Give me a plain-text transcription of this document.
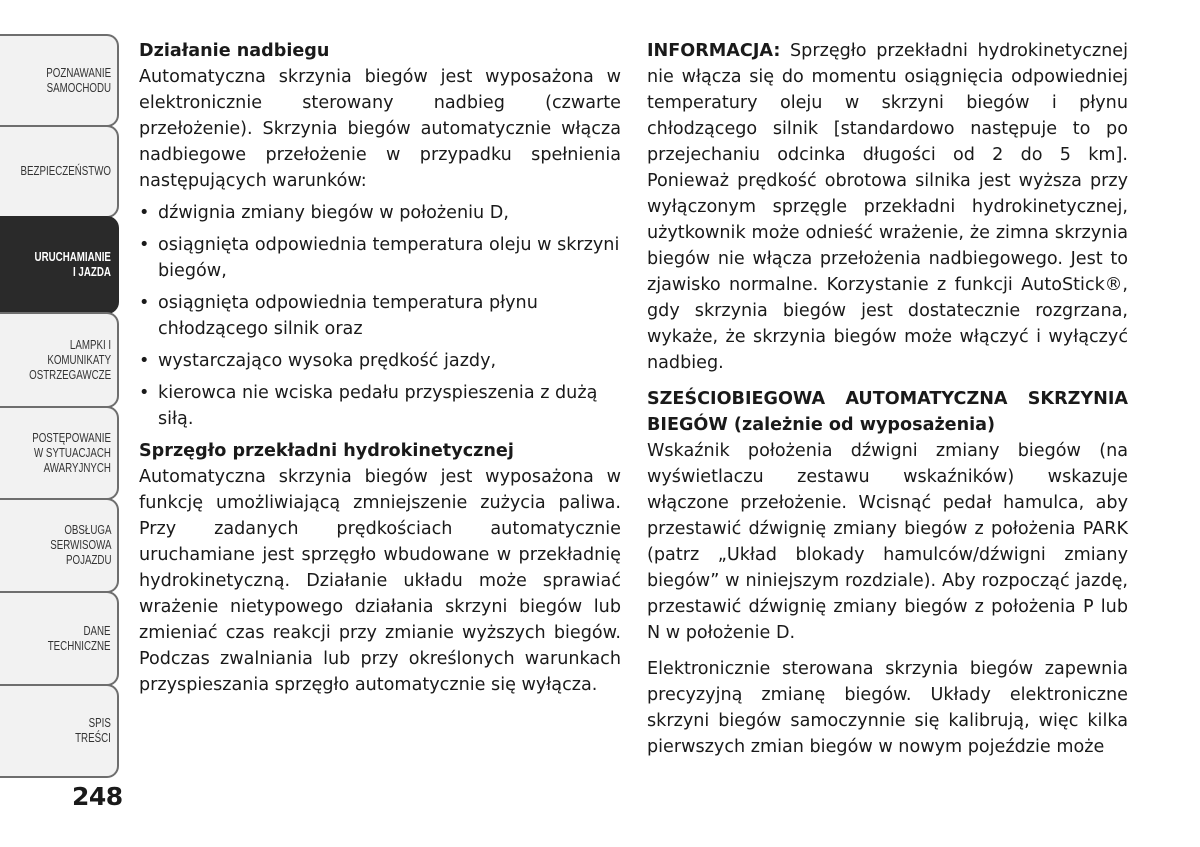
POZNAWANIE
SAMOCHODU
BEZPIECZEŃSTWO
URUCHAMIANIE
I JAZDA
LAMPKI I
KOMUNIKATY
OSTRZEGAWCZE
POSTĘPOWANIE
W SYTUACJACH
AWARYJNYCH
OBSŁUGA
SERWISOWA
POJAZDU
DANE
TECHNICZNE
SPIS
TREŚCI
248

Działanie nadbiegu

Automatyczna skrzynia biegów jest wyposażona w elektronicznie sterowany nadbieg (czwarte przełożenie). Skrzynia biegów automatycznie włącza nadbiegowe przełożenie w przypadku spełnienia następujących warunków:

• dźwignia zmiany biegów w położeniu D,
• osiągnięta odpowiednia temperatura oleju w skrzyni biegów,
• osiągnięta odpowiednia temperatura płynu chłodzącego silnik oraz
• wystarczająco wysoka prędkość jazdy,
• kierowca nie wciska pedału przyspieszenia z dużą siłą.

Sprzęgło przekładni hydrokinetycznej

Automatyczna skrzynia biegów jest wyposażona w funkcję umożliwiającą zmniejszenie zużycia paliwa. Przy zadanych prędkościach automatycznie uruchamiane jest sprzęgło wbudowane w przekładnię hydrokinetyczną. Działanie układu może sprawiać wrażenie nietypowego działania skrzyni biegów lub zmieniać czas reakcji przy zmianie wyższych biegów. Podczas zwalniania lub przy określonych warunkach przyspieszania sprzęgło automatycznie się wyłącza.

INFORMACJA: Sprzęgło przekładni hydrokinetycznej nie włącza się do momentu osiągnięcia odpowiedniej temperatury oleju w skrzyni biegów i płynu chłodzącego silnik [standardowo następuje to po przejechaniu odcinka długości od 2 do 5 km]. Ponieważ prędkość obrotowa silnika jest wyższa przy wyłączonym sprzęgle przekładni hydrokinetycznej, użytkownik może odnieść wrażenie, że zimna skrzynia biegów nie włącza przełożenia nadbiegowego. Jest to zjawisko normalne. Korzystanie z funkcji AutoStick®, gdy skrzynia biegów jest dostatecznie rozgrzana, wykaże, że skrzynia biegów może włączyć i wyłączyć nadbieg.

SZEŚCIOBIEGOWA AUTOMATYCZNA SKRZYNIA BIEGÓW (zależnie od wyposażenia)

Wskaźnik położenia dźwigni zmiany biegów (na wyświetlaczu zestawu wskaźników) wskazuje włączone przełożenie. Wcisnąć pedał hamulca, aby przestawić dźwignię zmiany biegów z położenia PARK (patrz „Układ blokady hamulców/dźwigni zmiany biegów” w niniejszym rozdziale). Aby rozpocząć jazdę, przestawić dźwignię zmiany biegów z położenia P lub N w położenie D.

Elektronicznie sterowana skrzynia biegów zapewnia precyzyjną zmianę biegów. Układy elektroniczne skrzyni biegów samoczynnie się kalibrują, więc kilka pierwszych zmian biegów w nowym pojeździe może
